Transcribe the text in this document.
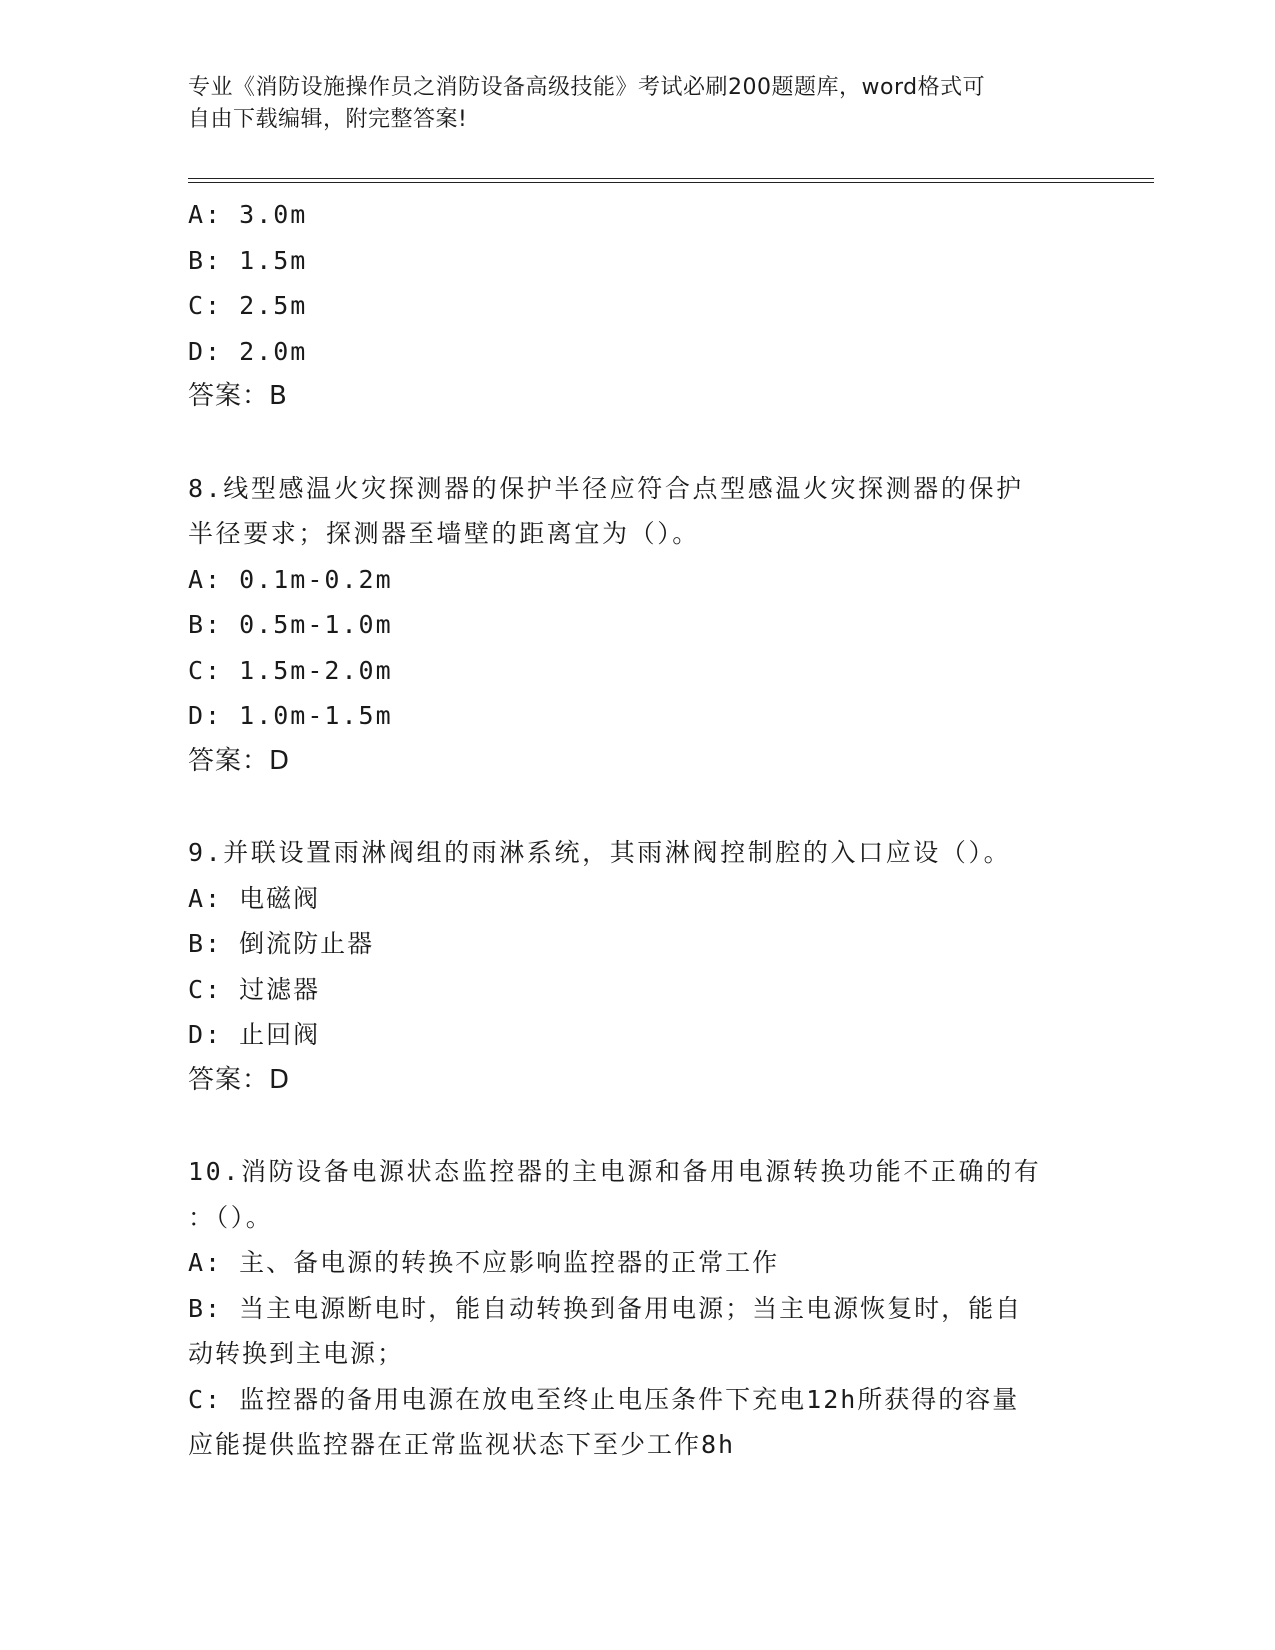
专业《消防设施操作员之消防设备高级技能》考试必刷200题题库，word格式可
自由下载编辑，附完整答案!
A: 3.0m
B: 1.5m
C: 2.5m
D: 2.0m
答案：B
8.线型感温火灾探测器的保护半径应符合点型感温火灾探测器的保护
半径要求；探测器至墙壁的距离宜为（）。
A: 0.1m-0.2m
B: 0.5m-1.0m
C: 1.5m-2.0m
D: 1.0m-1.5m
答案：D
9.并联设置雨淋阀组的雨淋系统，其雨淋阀控制腔的入口应设（）。
A: 电磁阀
B: 倒流防止器
C: 过滤器
D: 止回阀
答案：D
10.消防设备电源状态监控器的主电源和备用电源转换功能不正确的有
：（）。
A: 主、备电源的转换不应影响监控器的正常工作
B: 当主电源断电时，能自动转换到备用电源；当主电源恢复时，能自
动转换到主电源；
C: 监控器的备用电源在放电至终止电压条件下充电12h所获得的容量
应能提供监控器在正常监视状态下至少工作8h
